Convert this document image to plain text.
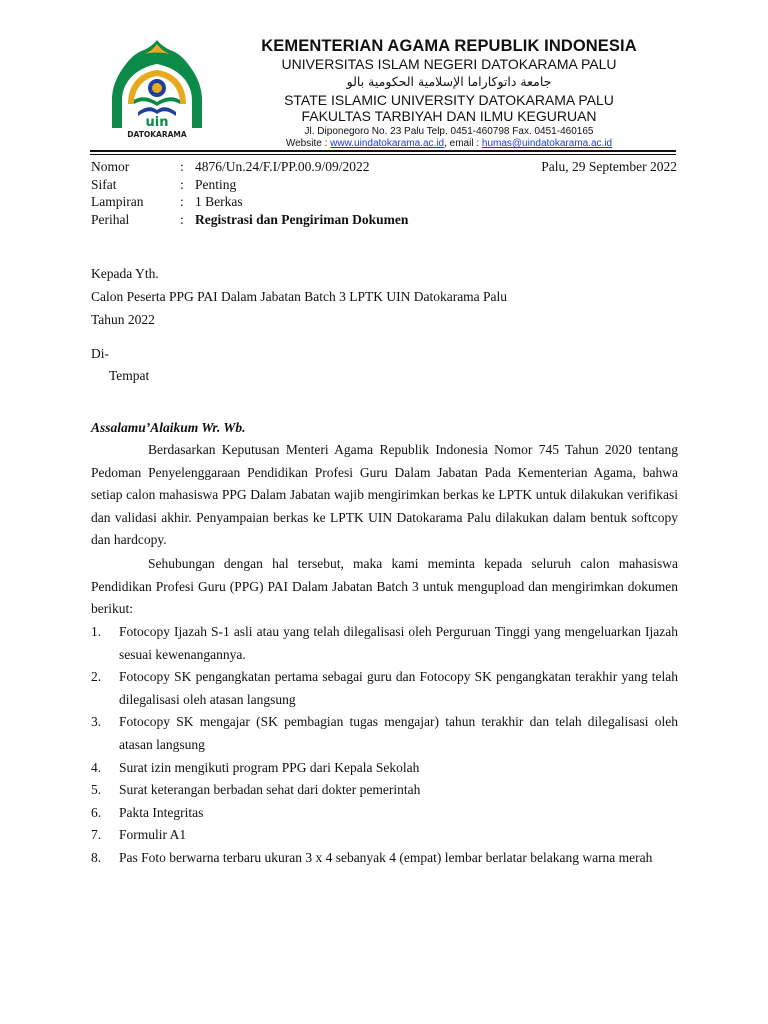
uin
DATOKARAMA
KEMENTERIAN AGAMA REPUBLIK INDONESIA
UNIVERSITAS ISLAM NEGERI DATOKARAMA PALU
جامعة داتوكاراما الإسلامية الحكومية بالو
STATE ISLAMIC UNIVERSITY DATOKARAMA PALU
FAKULTAS TARBIYAH DAN ILMU KEGURUAN
Jl. Diponegoro No. 23 Palu Telp. 0451-460798 Fax. 0451-460165
Website : www.uindatokarama.ac.id, email : humas@uindatokarama.ac.id
Nomor	: 4876/Un.24/F.I/PP.00.9/09/2022	Palu, 29 September 2022
Sifat	: Penting
Lampiran	: 1 Berkas
Perihal	: Registrasi dan Pengiriman Dokumen
Kepada Yth.
Calon Peserta PPG PAI Dalam Jabatan Batch 3 LPTK UIN Datokarama Palu
Tahun 2022
Di-
Tempat
Assalamu’Alaikum Wr. Wb.
Berdasarkan Keputusan Menteri Agama Republik Indonesia Nomor 745 Tahun 2020 tentang Pedoman Penyelenggaraan Pendidikan Profesi Guru Dalam Jabatan Pada Kementerian Agama, bahwa setiap calon mahasiswa PPG Dalam Jabatan wajib mengirimkan berkas ke LPTK untuk dilakukan verifikasi dan validasi akhir. Penyampaian berkas ke LPTK UIN Datokarama Palu dilakukan dalam bentuk softcopy dan hardcopy.
Sehubungan dengan hal tersebut, maka kami meminta kepada seluruh calon mahasiswa Pendidikan Profesi Guru (PPG) PAI Dalam Jabatan Batch 3 untuk mengupload dan mengirimkan dokumen berikut:
1. Fotocopy Ijazah S-1 asli atau yang telah dilegalisasi oleh Perguruan Tinggi yang mengeluarkan Ijazah sesuai kewenangannya.
2. Fotocopy SK pengangkatan pertama sebagai guru dan Fotocopy SK pengangkatan terakhir yang telah dilegalisasi oleh atasan langsung
3. Fotocopy SK mengajar (SK pembagian tugas mengajar) tahun terakhir dan telah dilegalisasi oleh atasan langsung
4. Surat izin mengikuti program PPG dari Kepala Sekolah
5. Surat keterangan berbadan sehat dari dokter pemerintah
6. Pakta Integritas
7. Formulir A1
8. Pas Foto berwarna terbaru ukuran 3 x 4 sebanyak 4 (empat) lembar berlatar belakang warna merah
